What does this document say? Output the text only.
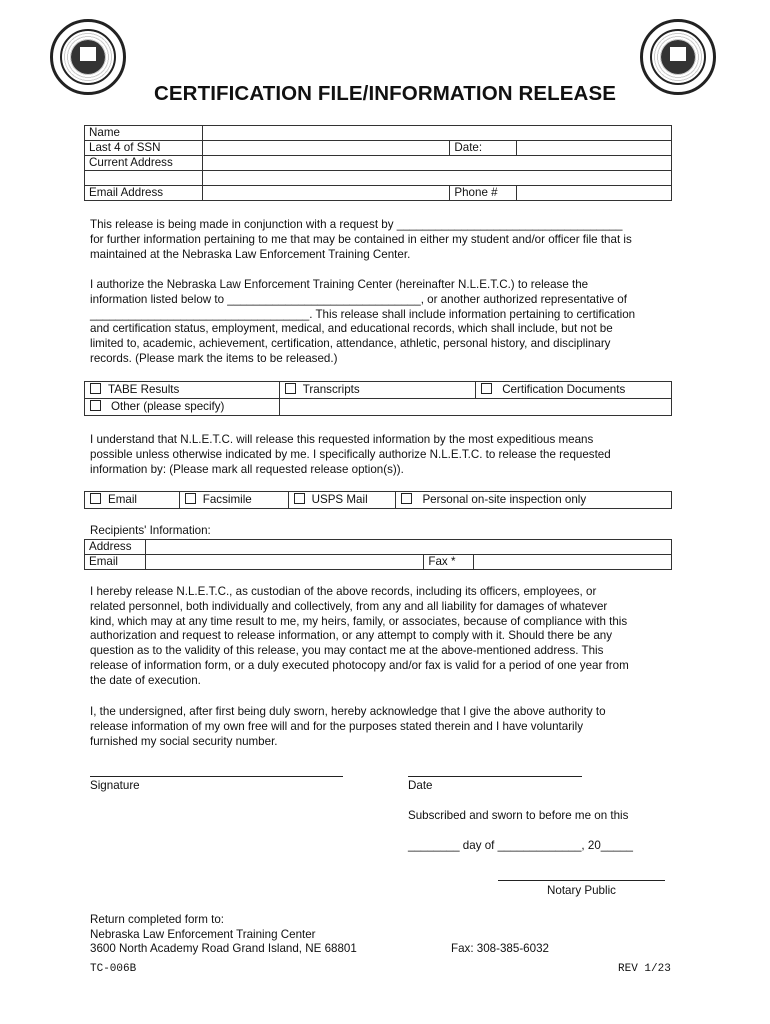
CERTIFICATION FILE/INFORMATION RELEASE
Name			
Last 4 of SSN		Date:	
Current Address			

Email Address		Phone #	
This release is being made in conjunction with a request by ___________________________________
for further information pertaining to me that may be contained in either my student and/or officer file that is
maintained at the Nebraska Law Enforcement Training Center.
I authorize the Nebraska Law Enforcement Training Center (hereinafter N.L.E.T.C.) to release the
information listed below to ______________________________, or another authorized representative of
__________________________________. This release shall include information pertaining to certification
and certification status, employment, medical, and educational records, which shall include, but not be
limited to, academic, achievement, certification, attendance, athletic, personal history, and disciplinary
records. (Please mark the items to be released.)
TABE Results	Transcripts	Certification Documents
Other (please specify)		
I understand that N.L.E.T.C. will release this requested information by the most expeditious means
possible unless otherwise indicated by me. I specifically authorize N.L.E.T.C. to release the requested
information by: (Please mark all requested release option(s)).
Email	Facsimile	USPS Mail	Personal on-site inspection only
Recipients' Information:
Address			
Email		Fax *	
I hereby release N.L.E.T.C., as custodian of the above records, including its officers, employees, or
related personnel, both individually and collectively, from any and all liability for damages of whatever
kind, which may at any time result to me, my heirs, family, or associates, because of compliance with this
authorization and request to release information, or any attempt to comply with it. Should there be any
question as to the validity of this release, you may contact me at the above-mentioned address. This
release of information form, or a duly executed photocopy and/or fax is valid for a period of one year from
the date of execution.
I, the undersigned, after first being duly sworn, hereby acknowledge that I give the above authority to
release information of my own free will and for the purposes stated therein and I have voluntarily
furnished my social security number.
Signature	Date
Subscribed and sworn to before me on this
________ day of _____________, 20_____
Notary Public
Return completed form to:
Nebraska Law Enforcement Training Center
3600 North Academy Road Grand Island, NE 68801	Fax: 308-385-6032
TC-006B	REV 1/23
